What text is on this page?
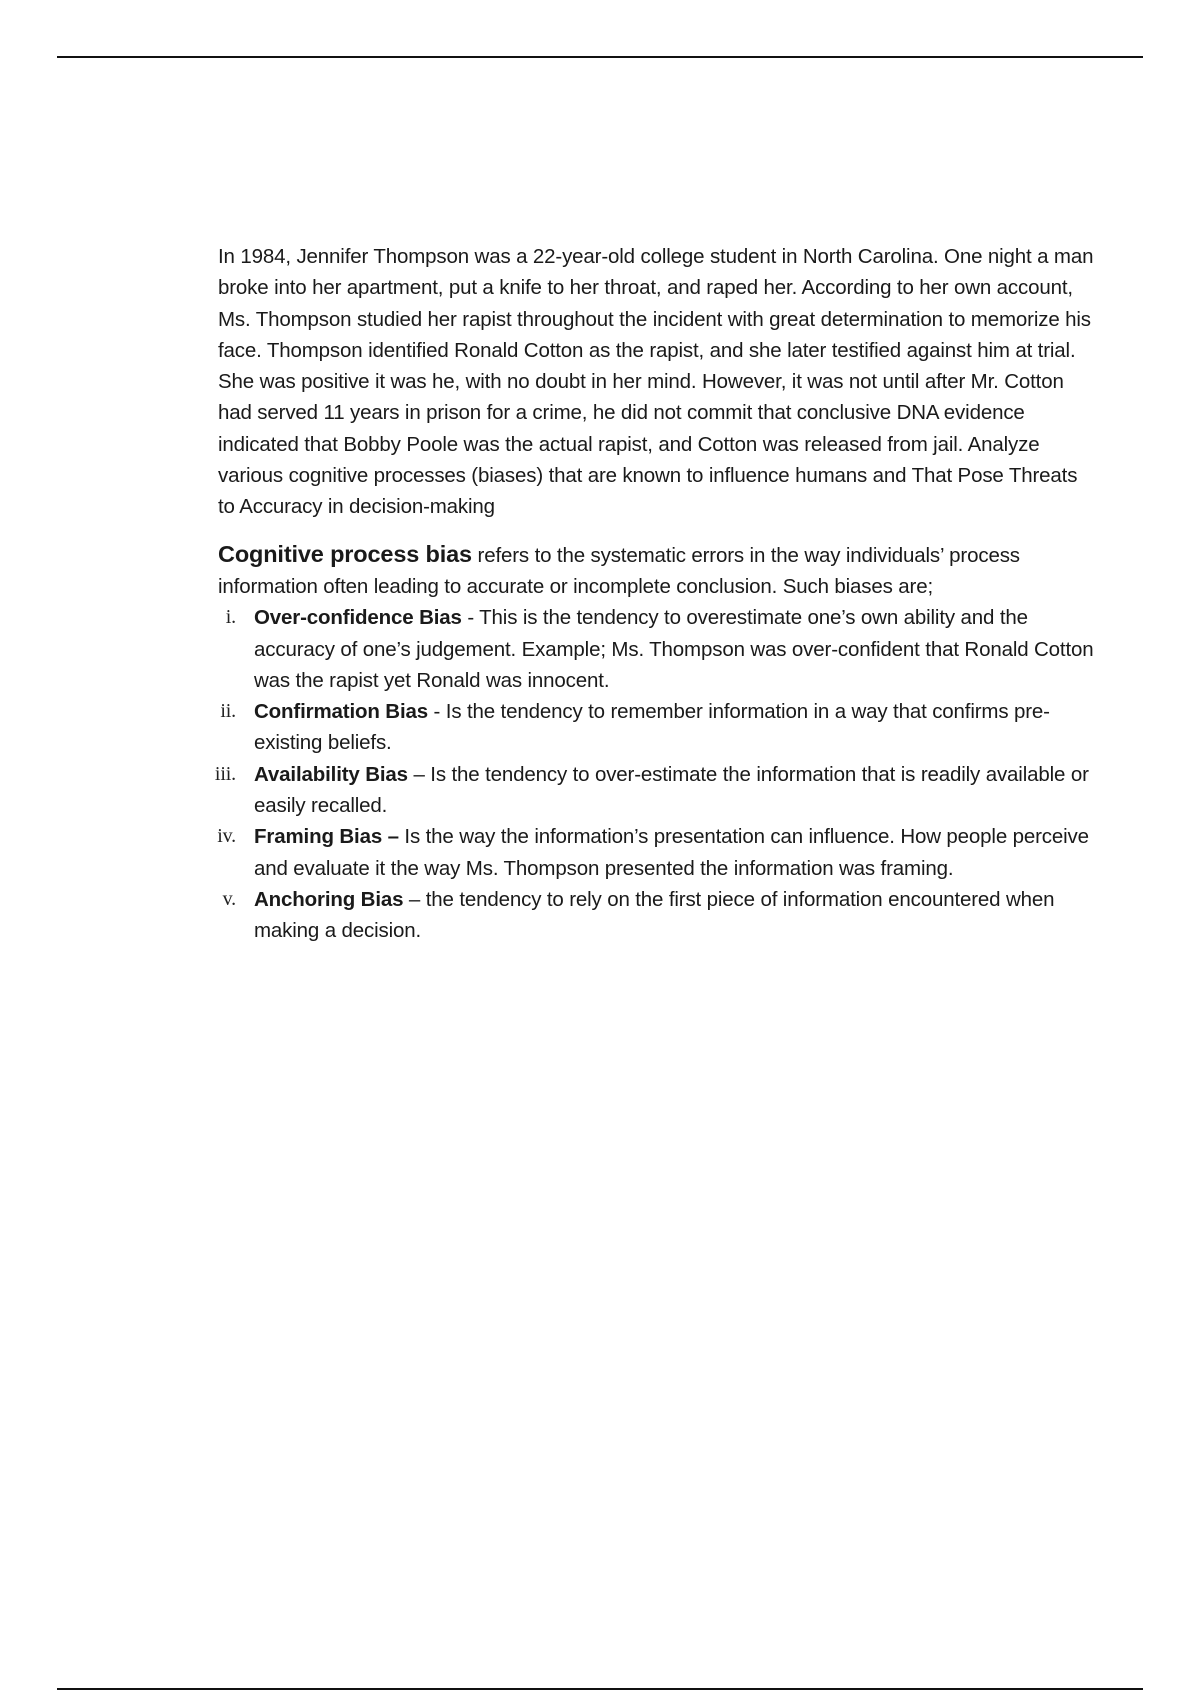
In 1984, Jennifer Thompson was a 22-year-old college student in North Carolina. One night a man broke into her apartment, put a knife to her throat, and raped her. According to her own account, Ms. Thompson studied her rapist throughout the incident with great determination to memorize his face. Thompson identified Ronald Cotton as the rapist, and she later testified against him at trial. She was positive it was he, with no doubt in her mind. However, it was not until after Mr. Cotton had served 11 years in prison for a crime, he did not commit that conclusive DNA evidence indicated that Bobby Poole was the actual rapist, and Cotton was released from jail. Analyze various cognitive processes (biases) that are known to influence humans and That Pose Threats to Accuracy in decision-making

Cognitive process bias refers to the systematic errors in the way individuals’ process information often leading to accurate or incomplete conclusion. Such biases are;

i. Over-confidence Bias - This is the tendency to overestimate one’s own ability and the accuracy of one’s judgement. Example; Ms. Thompson was over-confident that Ronald Cotton was the rapist yet Ronald was innocent.
ii. Confirmation Bias - Is the tendency to remember information in a way that confirms pre-existing beliefs.
iii. Availability Bias – Is the tendency to over-estimate the information that is readily available or easily recalled.
iv. Framing Bias – Is the way the information’s presentation can influence. How people perceive and evaluate it the way Ms. Thompson presented the information was framing.
v. Anchoring Bias – the tendency to rely on the first piece of information encountered when making a decision.
